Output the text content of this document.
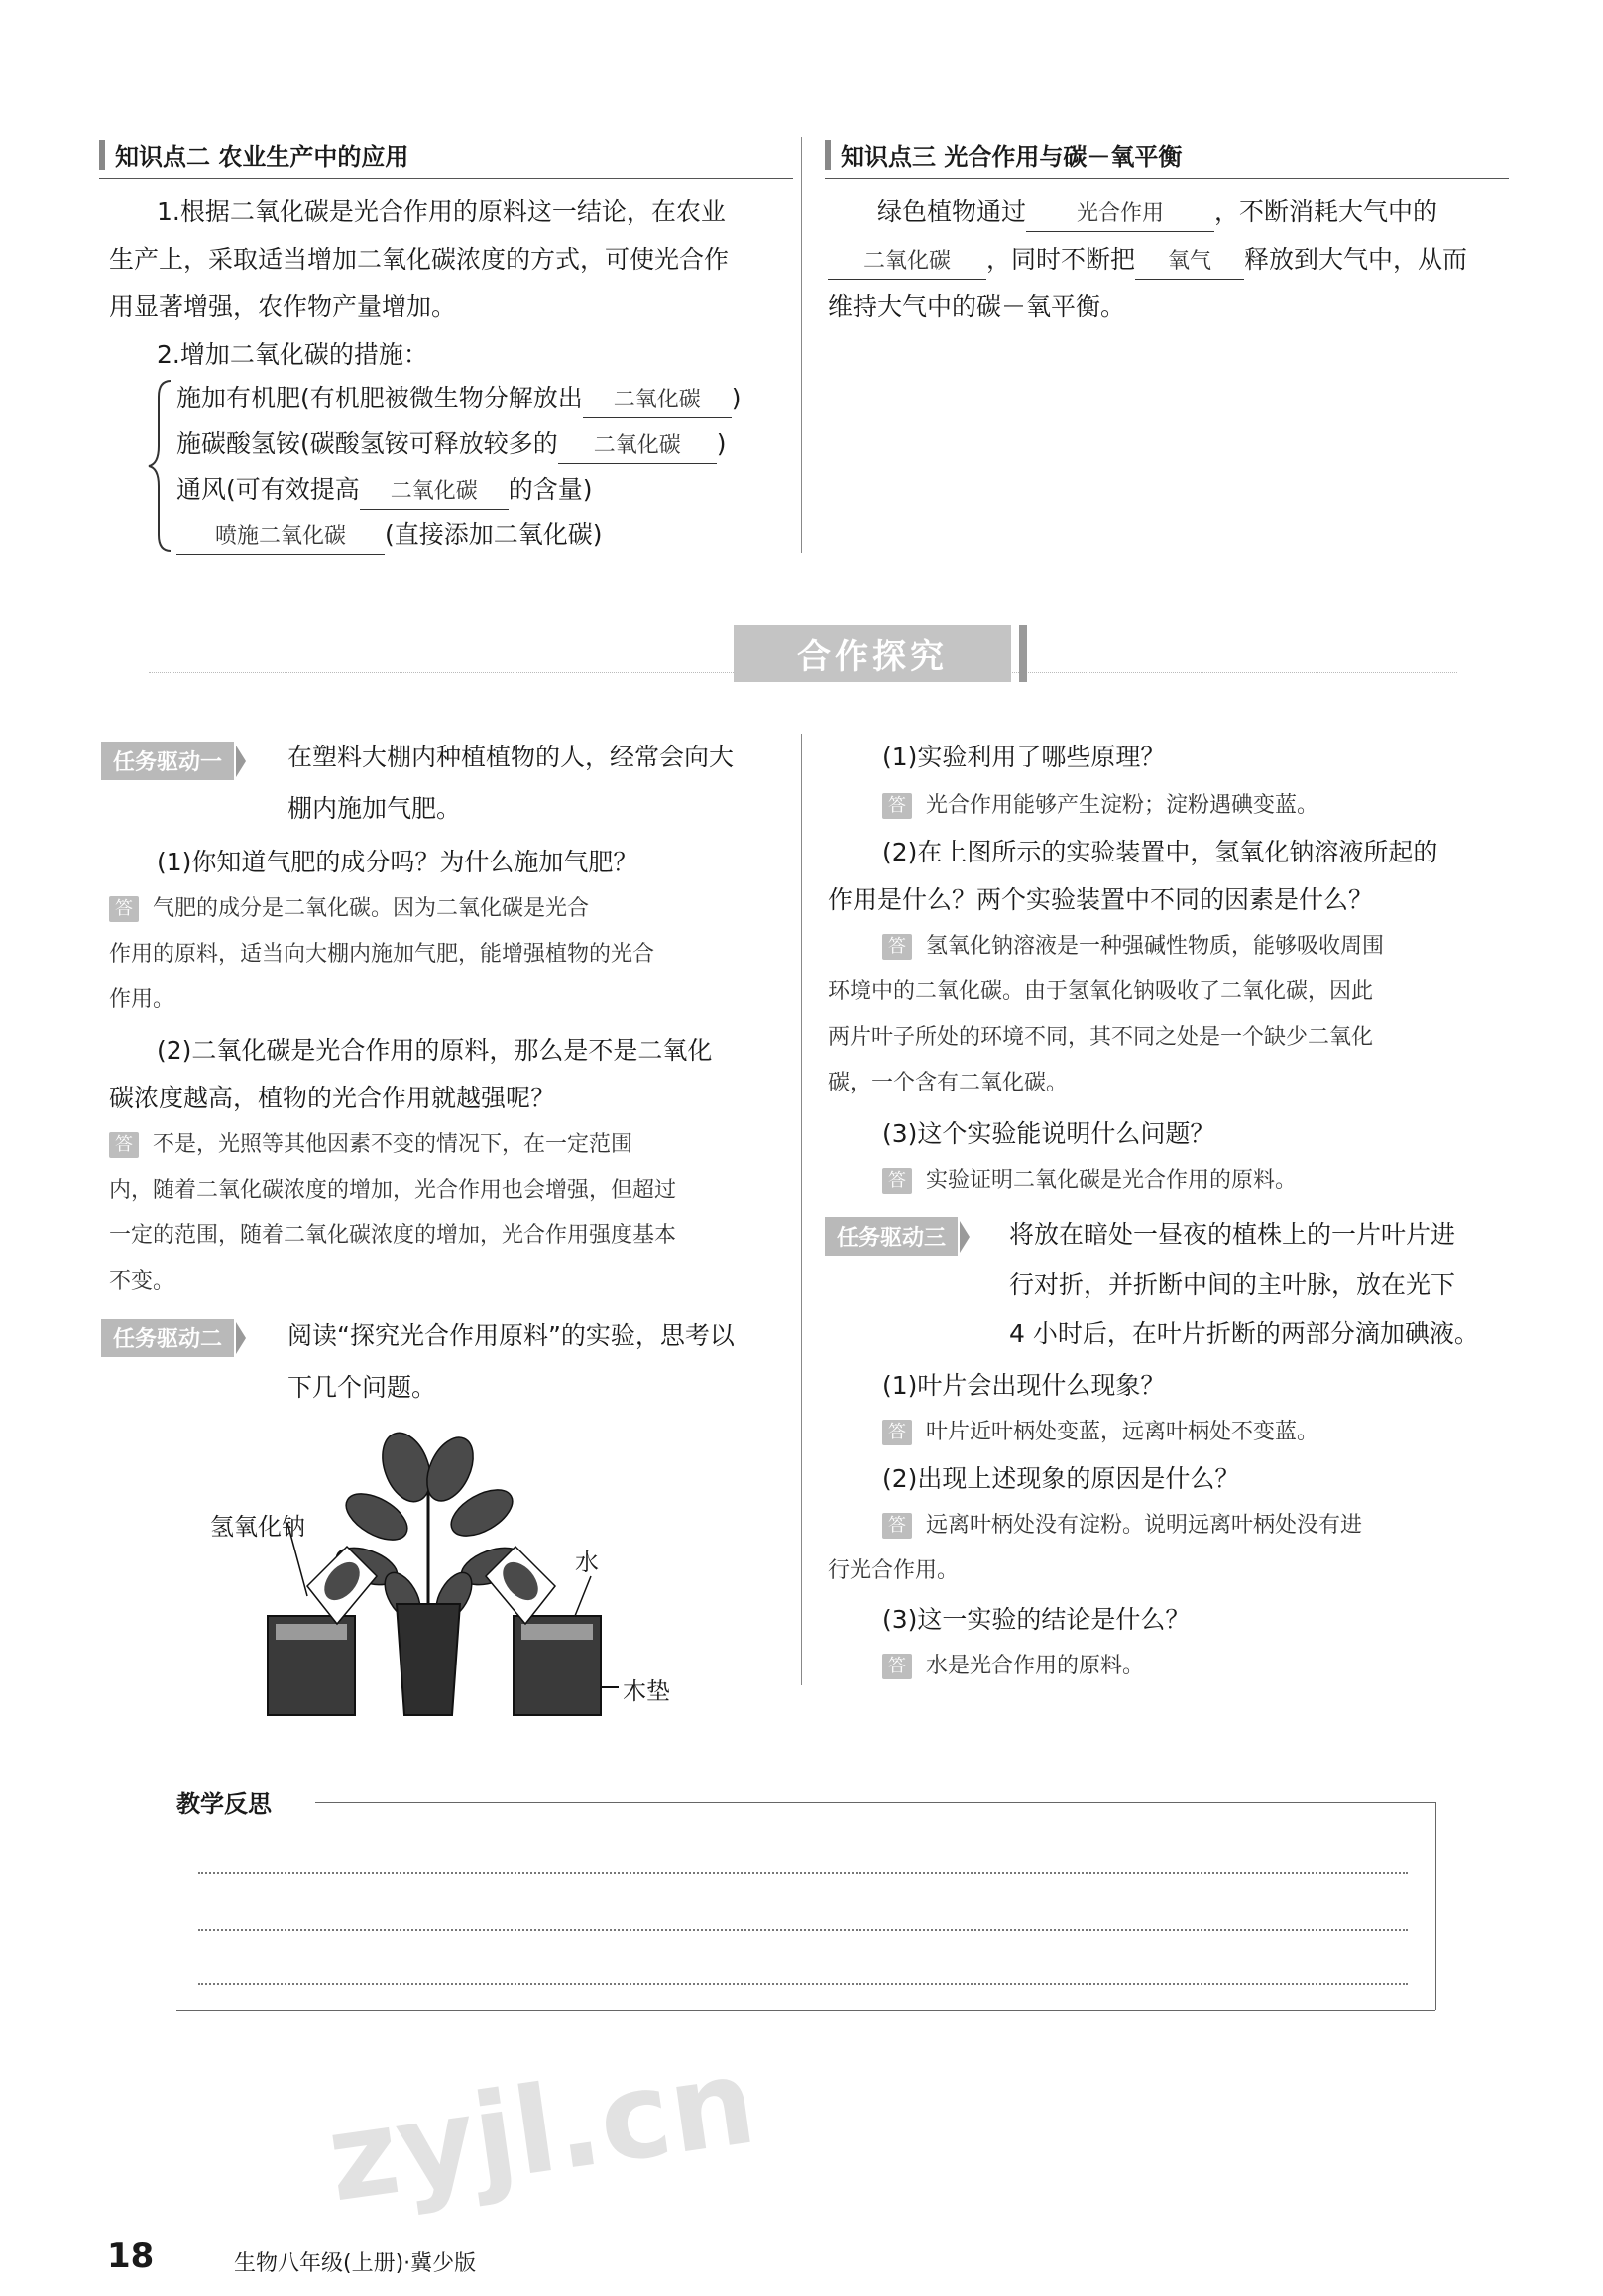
知识点二 农业生产中的应用
1.根据二氧化碳是光合作用的原料这一结论，在农业
生产上，采取适当增加二氧化碳浓度的方式，可使光合作
用显著增强，农作物产量增加。
2.增加二氧化碳的措施：
施加有机肥(有机肥被微生物分解放出 二氧化碳 )
施碳酸氢铵(碳酸氢铵可释放较多的 二氧化碳 )
通风(可有效提高 二氧化碳 的含量)
喷施二氧化碳 (直接添加二氧化碳)
知识点三 光合作用与碳－氧平衡
绿色植物通过 光合作用 ，不断消耗大气中的
二氧化碳 ，同时不断把 氧气 释放到大气中，从而
维持大气中的碳－氧平衡。
合作探究
任务驱动一	在塑料大棚内种植植物的人，经常会向大
棚内施加气肥。
(1)你知道气肥的成分吗？为什么施加气肥？
答 气肥的成分是二氧化碳。因为二氧化碳是光合
作用的原料，适当向大棚内施加气肥，能增强植物的光合
作用。
(2)二氧化碳是光合作用的原料，那么是不是二氧化
碳浓度越高，植物的光合作用就越强呢？
答 不是，光照等其他因素不变的情况下，在一定范围
内，随着二氧化碳浓度的增加，光合作用也会增强，但超过
一定的范围，随着二氧化碳浓度的增加，光合作用强度基本
不变。
任务驱动二	阅读“探究光合作用原料”的实验，思考以
下几个问题。
氢氧化钠
水
木垫
(1)实验利用了哪些原理？
答 光合作用能够产生淀粉；淀粉遇碘变蓝。
(2)在上图所示的实验装置中，氢氧化钠溶液所起的
作用是什么？两个实验装置中不同的因素是什么？
答 氢氧化钠溶液是一种强碱性物质，能够吸收周围
环境中的二氧化碳。由于氢氧化钠吸收了二氧化碳，因此
两片叶子所处的环境不同，其不同之处是一个缺少二氧化
碳，一个含有二氧化碳。
(3)这个实验能说明什么问题？
答 实验证明二氧化碳是光合作用的原料。
任务驱动三	将放在暗处一昼夜的植株上的一片叶片进
行对折，并折断中间的主叶脉，放在光下
4 小时后，在叶片折断的两部分滴加碘液。
(1)叶片会出现什么现象？
答 叶片近叶柄处变蓝，远离叶柄处不变蓝。
(2)出现上述现象的原因是什么？
答 远离叶柄处没有淀粉。说明远离叶柄处没有进
行光合作用。
(3)这一实验的结论是什么？
答 水是光合作用的原料。
教学反思
18	生物八年级(上册)·冀少版
zyjl.cn
